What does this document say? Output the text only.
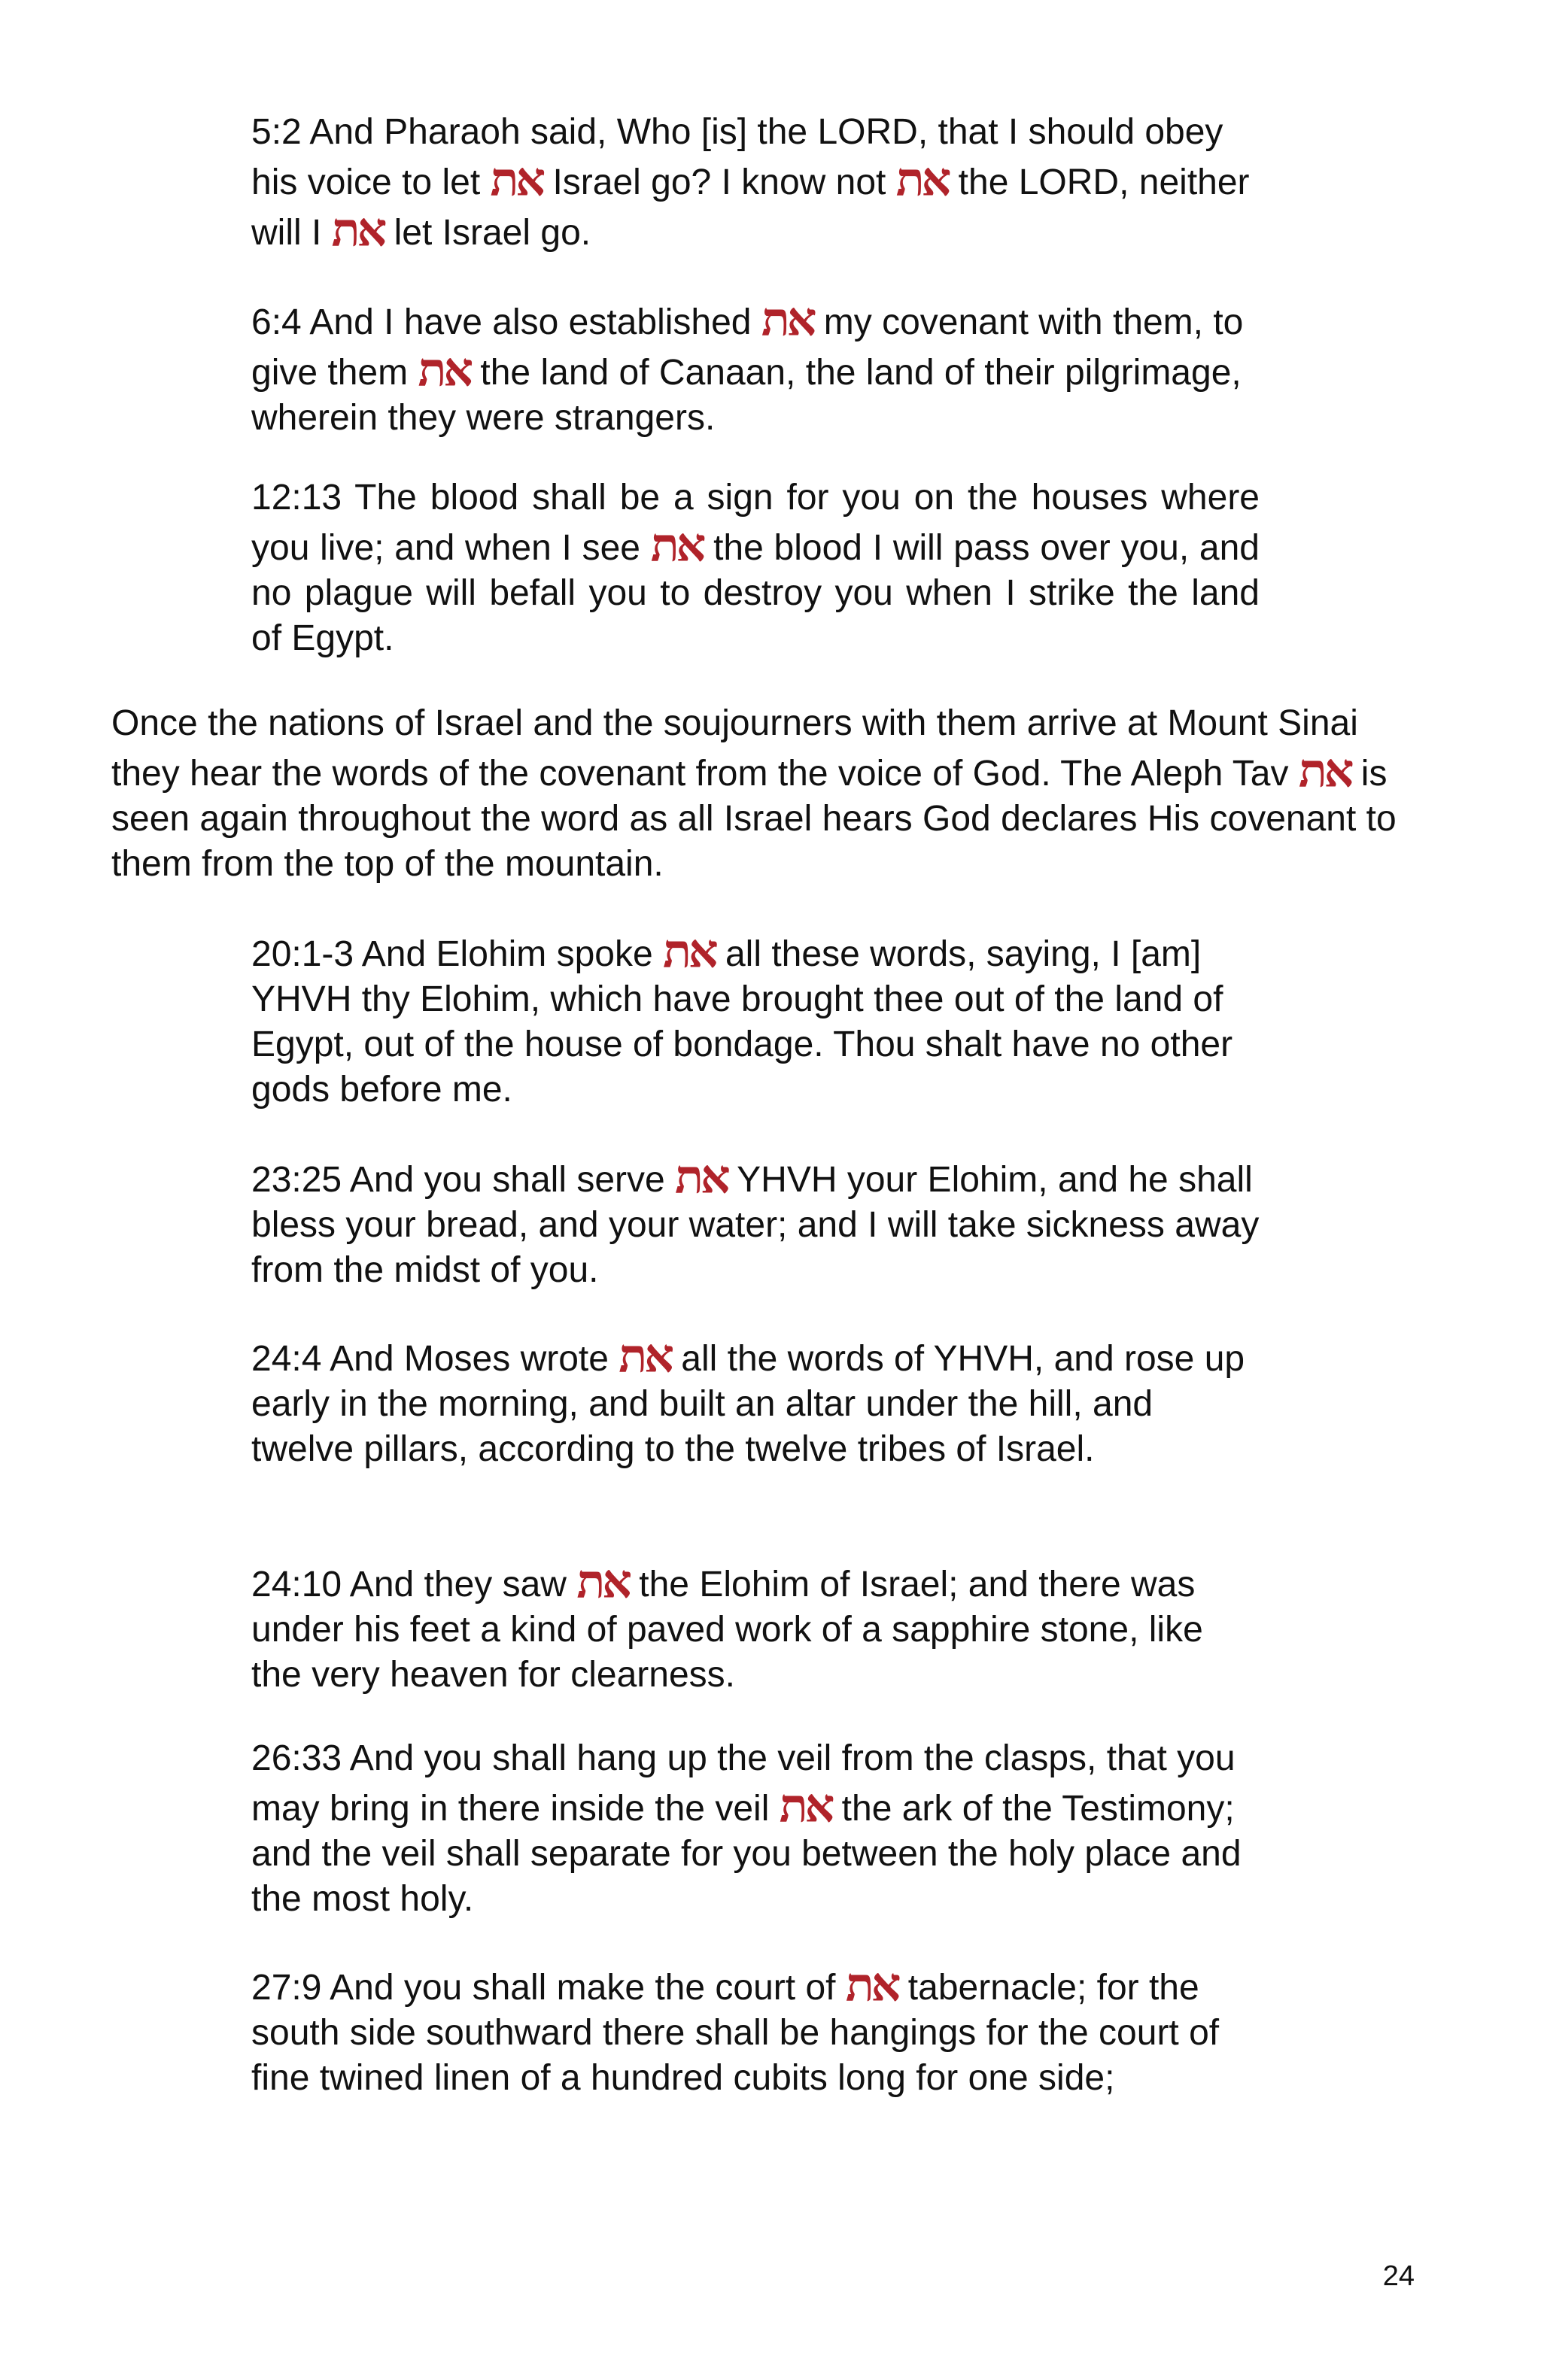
5:2 And Pharaoh said, Who [is] the LORD, that I should obey his voice to let את Israel go? I know not את the LORD, neither will I את let Israel go.

6:4 And I have also established את my covenant with them, to give them את the land of Canaan, the land of their pilgrimage, wherein they were strangers.

12:13 The blood shall be a sign for you on the houses where you live; and when I see את the blood I will pass over you, and no plague will befall you to destroy you when I strike the land of Egypt.

Once the nations of Israel and the soujourners with them arrive at Mount Sinai they hear the words of the covenant from the voice of God. The Aleph Tav את is seen again throughout the word as all Israel hears God declares His covenant to them from the top of the mountain.

20:1-3 And Elohim spoke את all these words, saying, I [am] YHVH thy Elohim, which have brought thee out of the land of Egypt, out of the house of bondage. Thou shalt have no other gods before me.

23:25 And you shall serve את YHVH your Elohim, and he shall bless your bread, and your water; and I will take sickness away from the midst of you.

24:4 And Moses wrote את all the words of YHVH, and rose up early in the morning, and built an altar under the hill, and twelve pillars, according to the twelve tribes of Israel.

24:10 And they saw את the Elohim of Israel; and there was under his feet a kind of paved work of a sapphire stone, like the very heaven for clearness.

26:33 And you shall hang up the veil from the clasps, that you may bring in there inside the veil את the ark of the Testimony; and the veil shall separate for you between the holy place and the most holy.

27:9 And you shall make the court of את tabernacle; for the south side southward there shall be hangings for the court of fine twined linen of a hundred cubits long for one side;

24
